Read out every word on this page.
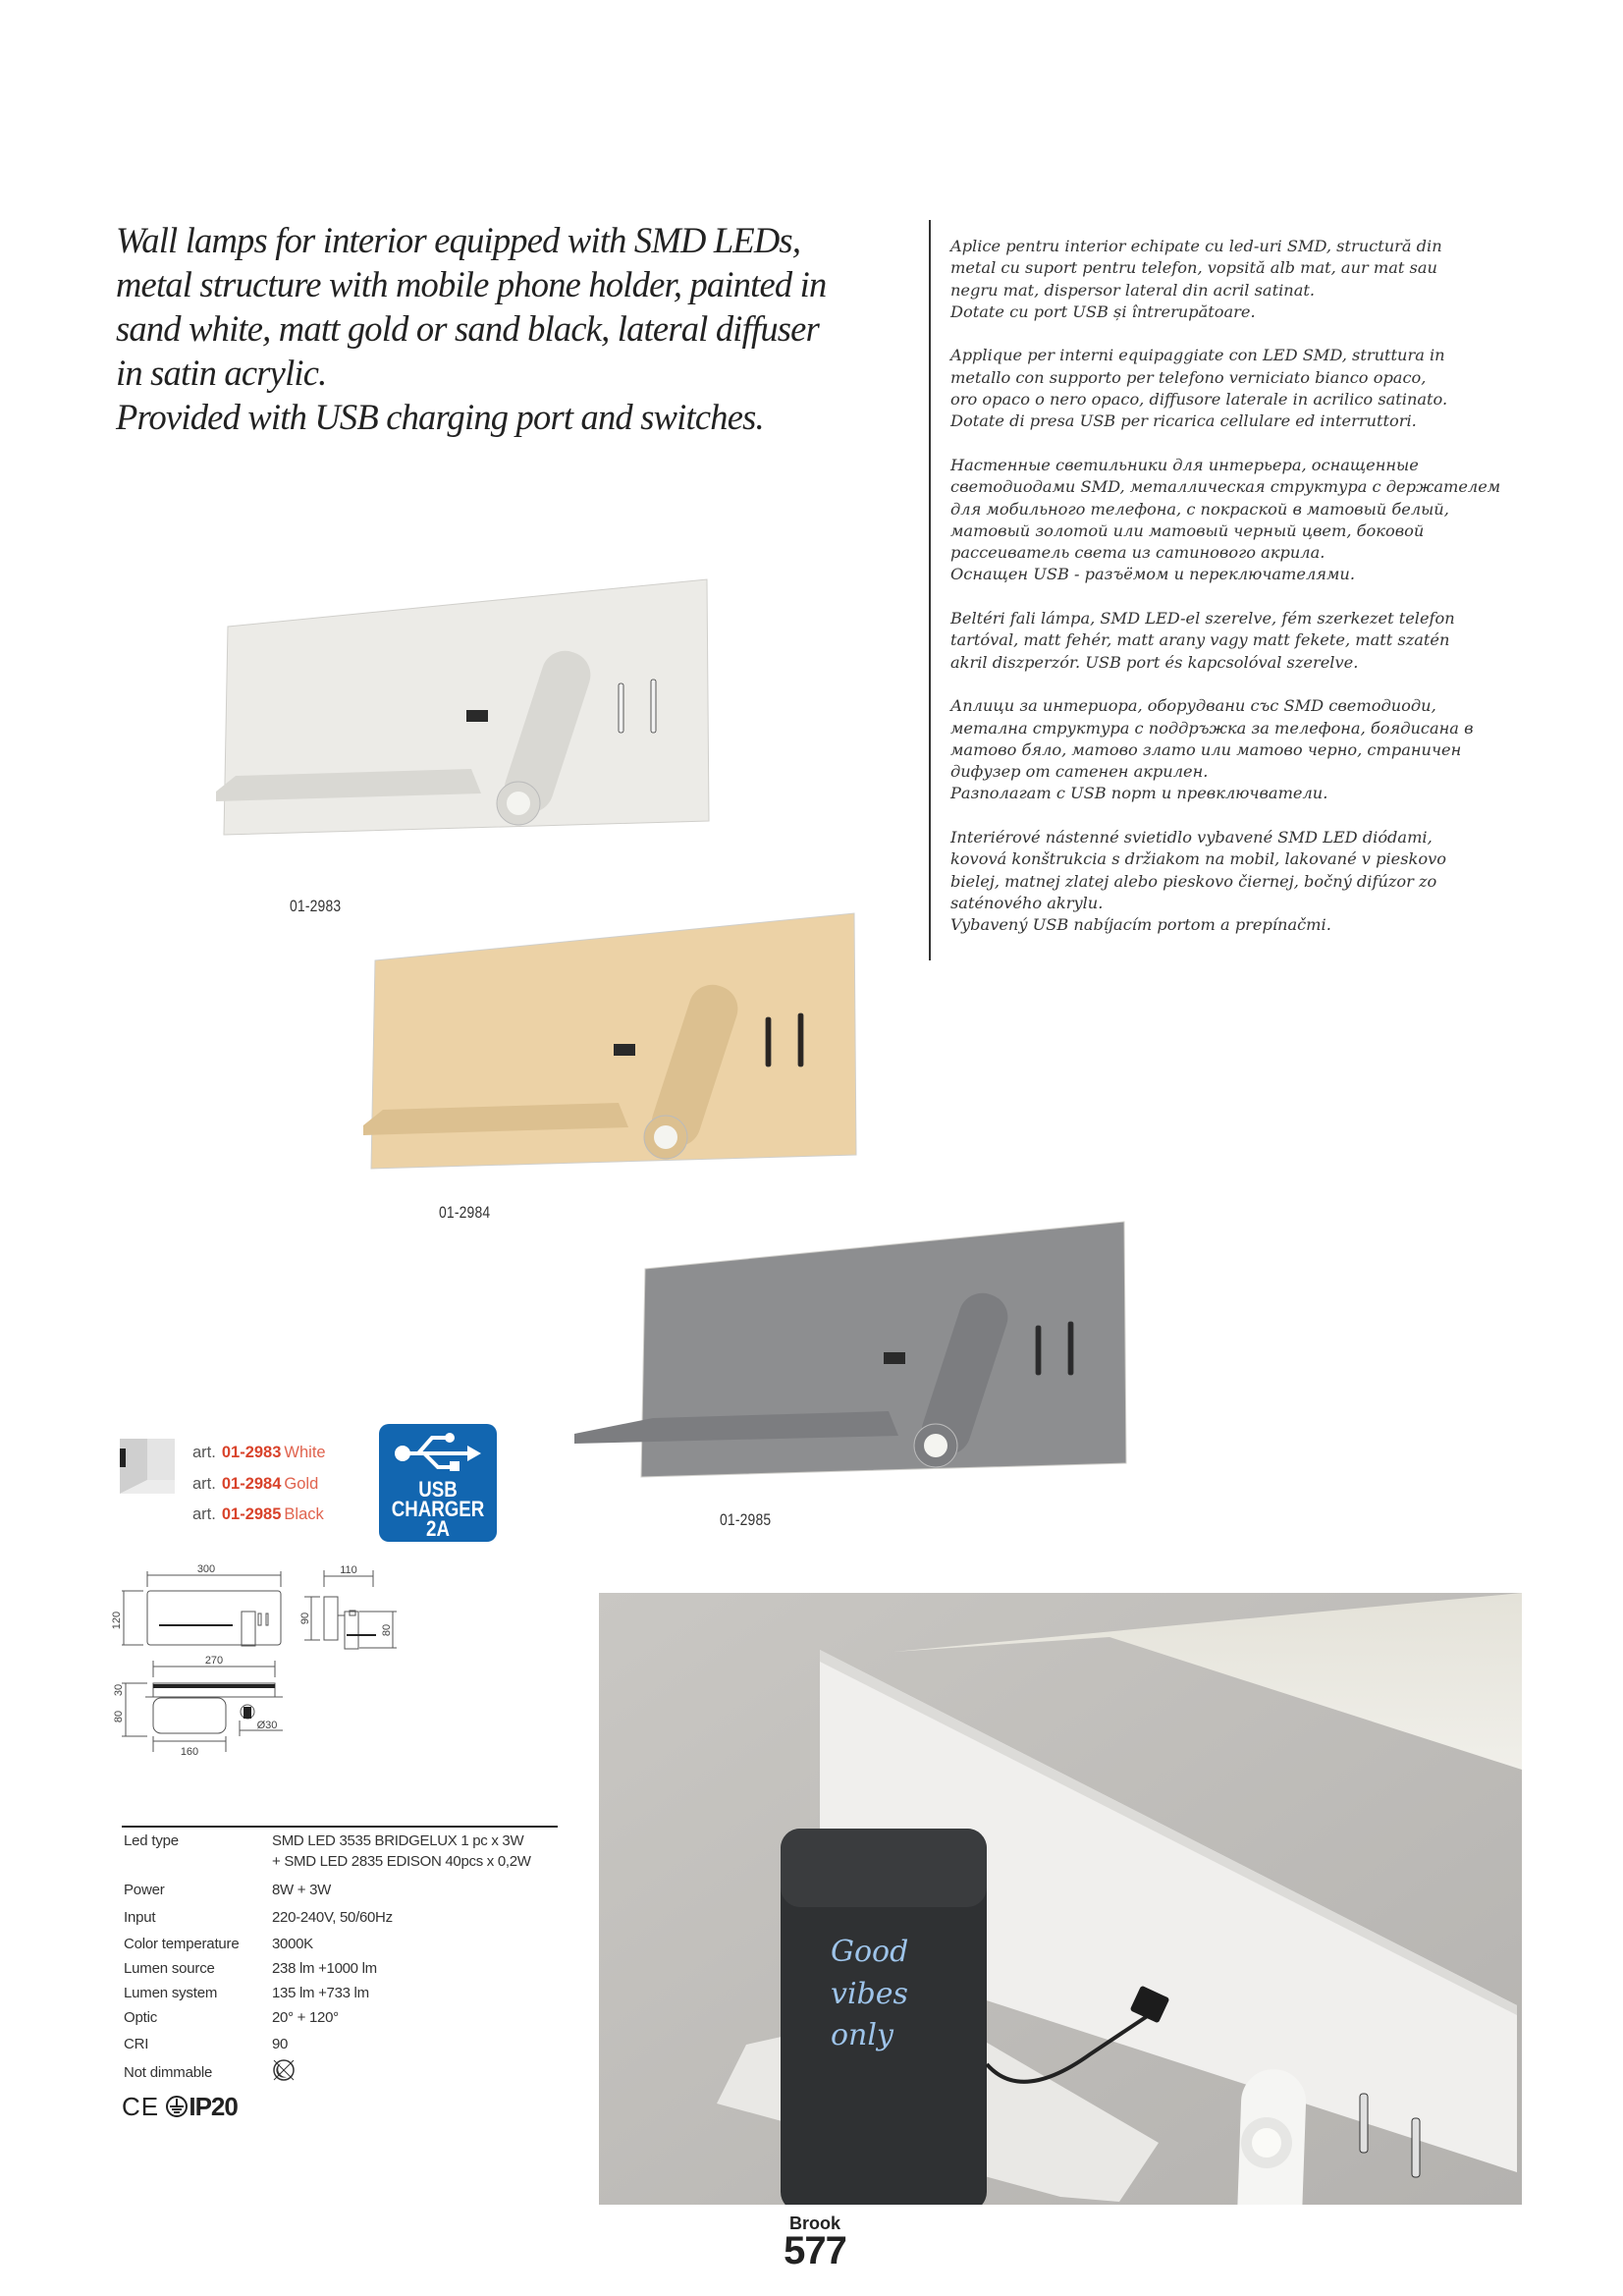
Wall lamps for interior equipped with SMD LEDs,
metal structure with mobile phone holder, painted in
sand white, matt gold or sand black, lateral diffuser
in satin acrylic.
Provided with USB charging port and switches.

Aplice pentru interior echipate cu led-uri SMD, structură din
metal cu suport pentru telefon, vopsită alb mat, aur mat sau
negru mat, dispersor lateral din acril satinat.
Dotate cu port USB și întrerupătoare.

Applique per interni equipaggiate con LED SMD, struttura in
metallo con supporto per telefono verniciato bianco opaco,
oro opaco o nero opaco, diffusore laterale in acrilico satinato.
Dotate di presa USB per ricarica cellulare ed interruttori.

Настенные светильники для интерьера, оснащенные
светодиодами SMD, металлическая структура с держателем
для мобильного телефона, с покраской в матовый белый,
матовый золотой или матовый черный цвет, боковой
рассеиватель света из сатинового акрила.
Оснащен USB - разъёмом и переключателями.

Beltéri fali lámpa, SMD LED-el szerelve, fém szerkezet telefon
tartóval, matt fehér, matt arany vagy matt fekete, matt szatén
akril diszperzór. USB port és kapcsolóval szerelve.

Аплици за интериора, оборудвани със SMD светодиоди,
метална структура с поддръжка за телефона, боядисана в
матово бяло, матово злато или матово черно, страничен
дифузер от сатенен акрилен.
Разполагат с USB порт и превключватели.

Interiérové nástenné svietidlo vybavené SMD LED diódami,
kovová konštrukcia s držiakom na mobil, lakované v pieskovo
bielej, matnej zlatej alebo pieskovo čiernej, bočný difúzor zo
saténového akrylu.
Vybavený USB nabíjacím portom a prepínačmi.

01-2983
01-2984
01-2985
art. 01-2983 White
art. 01-2984 Gold
art. 01-2985 Black
USB
CHARGER
2A
300
120
110
90
80
270
30
80
160
Ø30
Led type	SMD LED 3535 BRIDGELUX 1 pc x 3W
+ SMD LED 2835 EDISON 40pcs x 0,2W
Power	8W + 3W
Input	220-240V, 50/60Hz
Color temperature 3000K
Lumen source	238 lm +1000 lm
Lumen system	135 lm +733 lm
Optic	20° + 120°
CRI	90
Not dimmable
CE IP20
Good
vibes
only
Brook
577
